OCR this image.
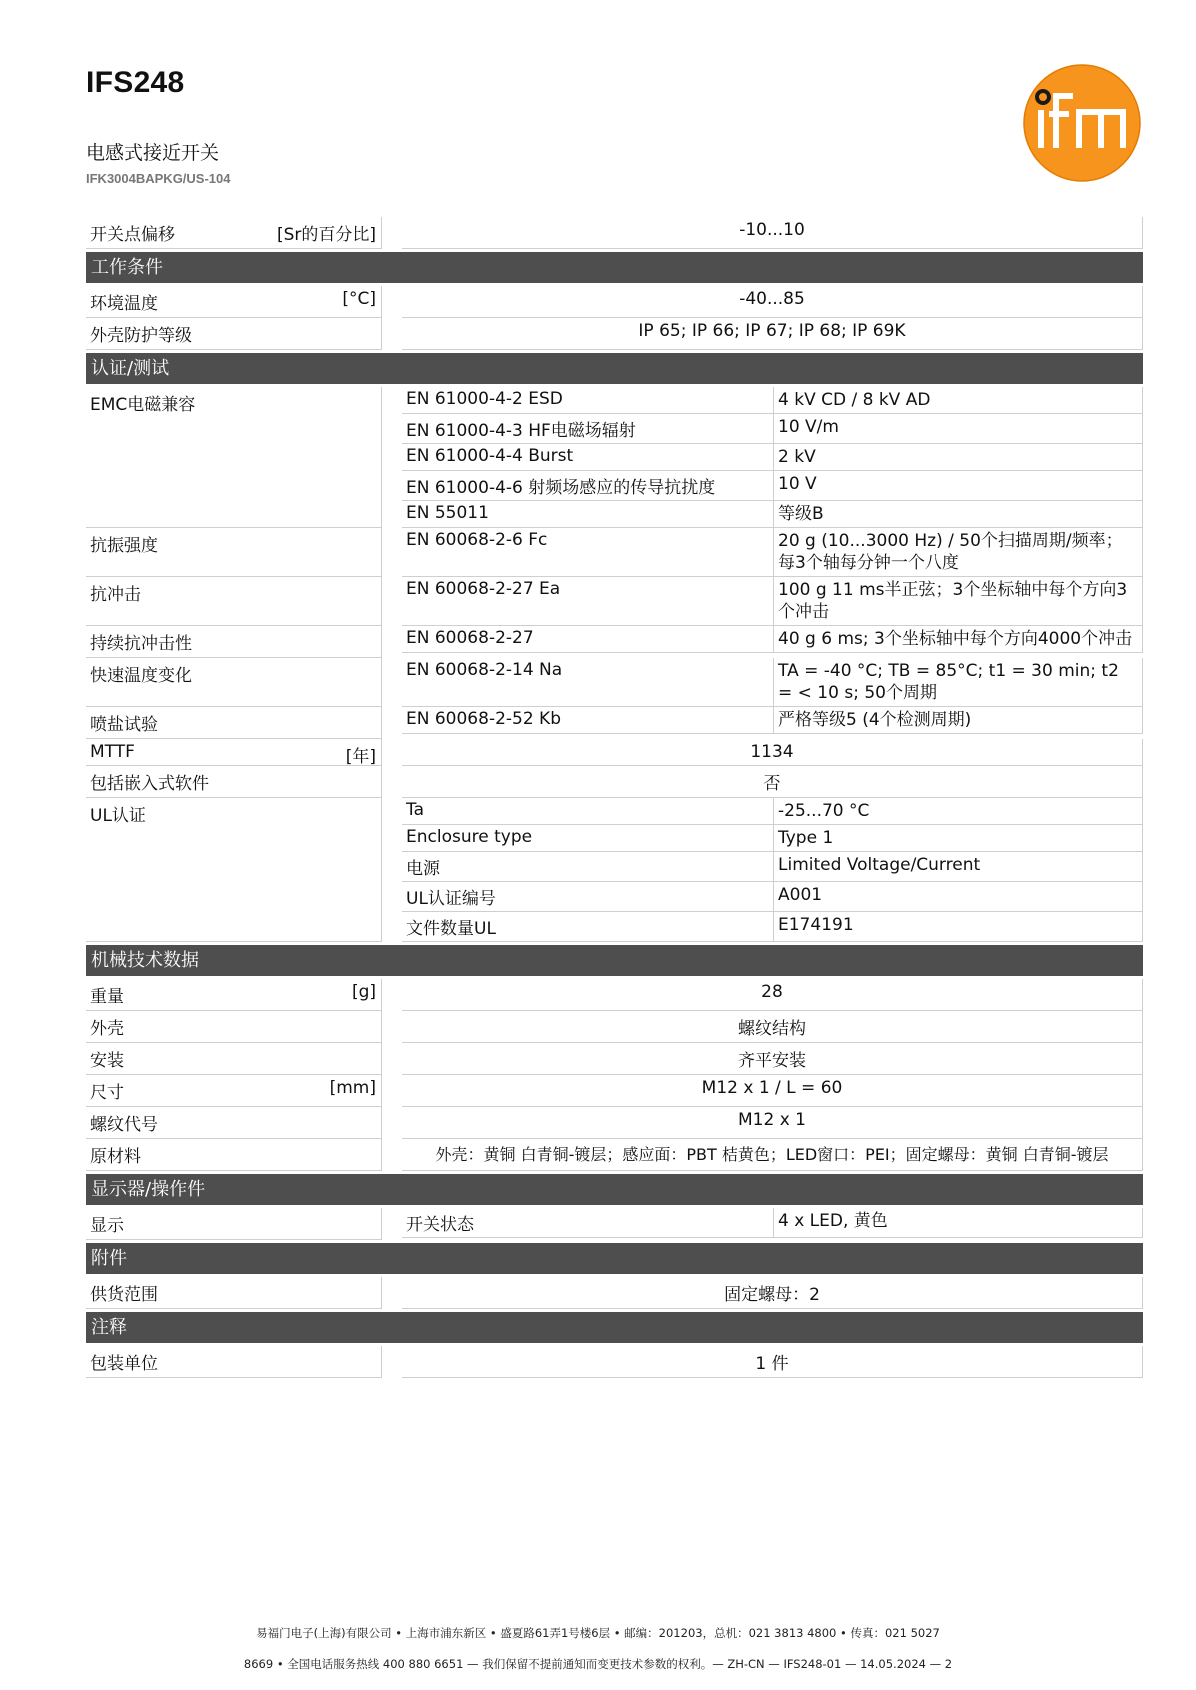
IFS248
电感式接近开关
IFK3004BAPKG/US-104
开关点偏移	[Sr的百分比]	-10...10
工作条件
环境温度	[°C]	-40...85
外壳防护等级	IP 65; IP 66; IP 67; IP 68; IP 69K
认证/测试
EMC电磁兼容	EN 61000-4-2 ESD	4 kV CD / 8 kV AD
EN 61000-4-3 HF电磁场辐射	10 V/m
EN 61000-4-4 Burst	2 kV
EN 61000-4-6 射频场感应的传导抗扰度	10 V
EN 55011	等级B
抗振强度	EN 60068-2-6 Fc	20 g (10...3000 Hz) / 50个扫描周期/频率；每3个轴每分钟一个八度
抗冲击	EN 60068-2-27 Ea	100 g 11 ms半正弦；3个坐标轴中每个方向3个冲击
持续抗冲击性	EN 60068-2-27	40 g 6 ms; 3个坐标轴中每个方向4000个冲击
快速温度变化	EN 60068-2-14 Na	TA = -40 °C; TB = 85°C; t1 = 30 min; t2 = < 10 s; 50个周期
喷盐试验	EN 60068-2-52 Kb	严格等级5 (4个检测周期)
MTTF	[年]	1134
包括嵌入式软件	否
UL认证	Ta	-25...70 °C
Enclosure type	Type 1
电源	Limited Voltage/Current
UL认证编号	A001
文件数量UL	E174191
机械技术数据
重量	[g]	28
外壳	螺纹结构
安装	齐平安装
尺寸	[mm]	M12 x 1 / L = 60
螺纹代号	M12 x 1
原材料	外壳：黄铜 白青铜-镀层；感应面：PBT 桔黄色；LED窗口：PEI；固定螺母：黄铜 白青铜-镀层
显示器/操作件
显示	开关状态	4 x LED, 黄色
附件
供货范围	固定螺母：2
注释
包装单位	1 件
易福门电子(上海)有限公司 • 上海市浦东新区 • 盛夏路61弄1号楼6层 • 邮编：201203，总机：021 3813 4800 • 传真：021 5027
8669 • 全国电话服务热线 400 880 6651 — 我们保留不提前通知而变更技术参数的权利。— ZH-CN — IFS248-01 — 14.05.2024 — 2
